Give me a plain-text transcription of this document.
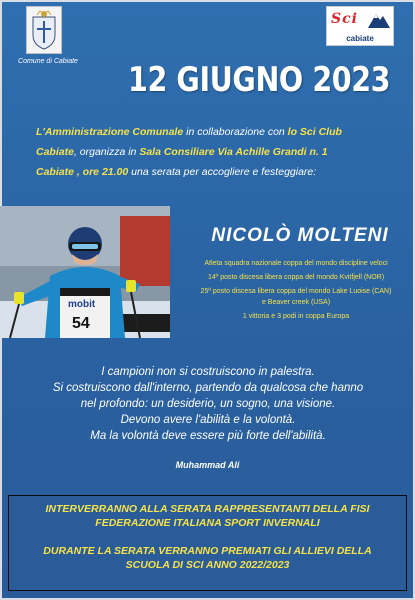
Comune di Cabiate
Sci
cabiate
12 GIUGNO 2023
L'Amministrazione Comunale in collaborazione con lo Sci Club
Cabiate, organizza in Sala Consiliare Via Achille Grandi n. 1
Cabiate , ore 21.00 una serata per accogliere e festeggiare:
mobit
54
NICOLÒ MOLTENI
Atleta squadra nazionale coppa del mondo discipline veloci
14º posto discesa libera coppa del mondo Kvitfjell (NOR)
25º posto discesa libera coppa del mondo Lake Luoise (CAN)
e Beaver creek (USA)
1 vittoria e 3 podi in coppa Europa
I campioni non si costruiscono in palestra.
Si costruiscono dall'interno, partendo da qualcosa che hanno
nel profondo: un desiderio, un sogno, una visione.
Devono avere l'abilità e la volontà.
Ma la volontà deve essere più forte dell'abilità.
Muhammad Ali
INTERVERRANNO ALLA SERATA RAPPRESENTANTI DELLA FISI
FEDERAZIONE ITALIANA SPORT INVERNALI
DURANTE LA SERATA VERRANNO PREMIATI GLI ALLIEVI DELLA
SCUOLA DI SCI ANNO 2022/2023
